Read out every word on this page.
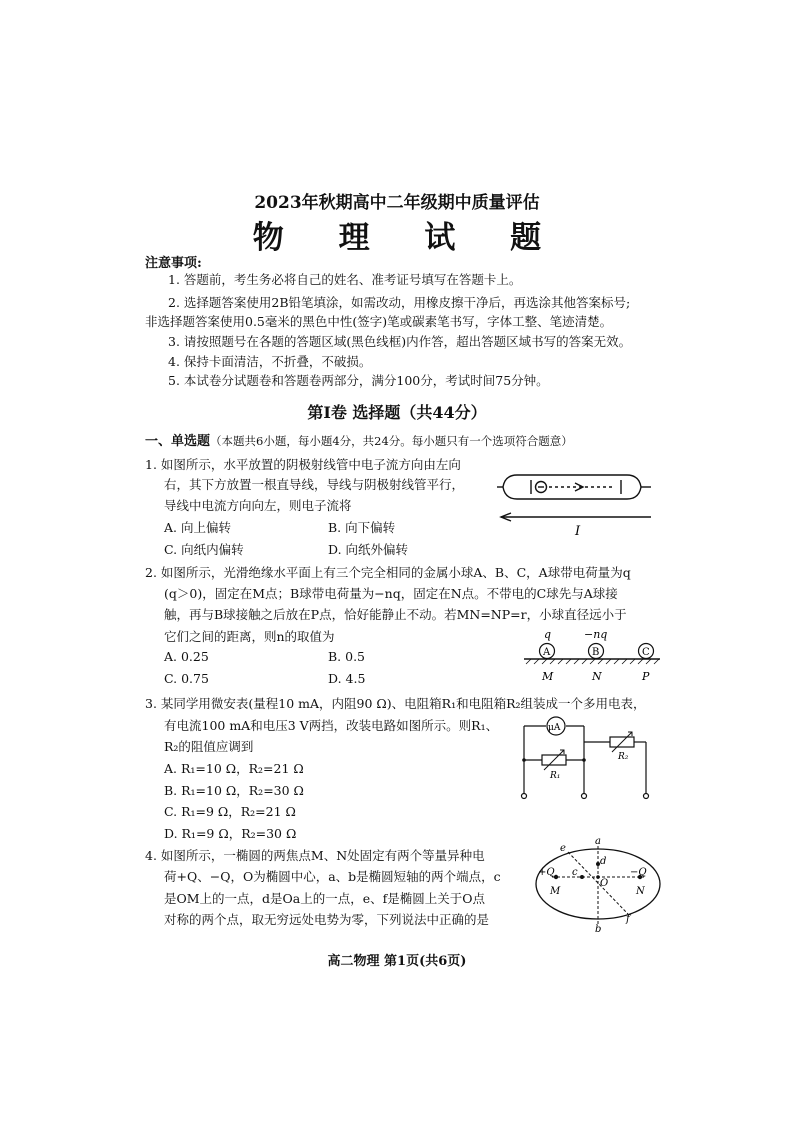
2023年秋期高中二年级期中质量评估
物 理 试 题
注意事项:
1. 答题前，考生务必将自己的姓名、准考证号填写在答题卡上。
2. 选择题答案使用2B铅笔填涂，如需改动，用橡皮擦干净后，再选涂其他答案标号;
非选择题答案使用0.5毫米的黑色中性(签字)笔或碳素笔书写，字体工整、笔迹清楚。
3. 请按照题号在各题的答题区域(黑色线框)内作答，超出答题区域书写的答案无效。
4. 保持卡面清洁，不折叠，不破损。
5. 本试卷分试题卷和答题卷两部分，满分100分，考试时间75分钟。
第Ⅰ卷 选择题（共44分）
一、单选题（本题共6小题，每小题4分，共24分。每小题只有一个选项符合题意）
1. 如图所示，水平放置的阴极射线管中电子流方向由左向
右，其下方放置一根直导线，导线与阴极射线管平行，
导线中电流方向向左，则电子流将
A. 向上偏转	B. 向下偏转
C. 向纸内偏转	D. 向纸外偏转
I
2. 如图所示，光滑绝缘水平面上有三个完全相同的金属小球A、B、C，A球带电荷量为q
(q＞0)，固定在M点；B球带电荷量为−nq，固定在N点。不带电的C球先与A球接
触，再与B球接触之后放在P点，恰好能静止不动。若MN=NP=r，小球直径远小于
它们之间的距离，则n的取值为
A. 0.25	B. 0.5
C. 0.75	D. 4.5
q	−nq
A	B	C
M	N	P
3. 某同学用微安表(量程10 mA，内阻90 Ω)、电阻箱R₁和电阻箱R₂组装成一个多用电表，
有电流100 mA和电压3 V两挡，改装电路如图所示。则R₁、
R₂的阻值应调到
A. R₁=10 Ω，R₂=21 Ω
B. R₁=10 Ω，R₂=30 Ω
C. R₁=9 Ω，R₂=21 Ω
D. R₁=9 Ω，R₂=30 Ω
μA
R₁
R₂
4. 如图所示，一椭圆的两焦点M、N处固定有两个等量异种电
荷+Q、−Q，O为椭圆中心，a、b是椭圆短轴的两个端点，c
是OM上的一点，d是Oa上的一点，e、f是椭圆上关于O点
对称的两个点，取无穷远处电势为零，下列说法中正确的是
a
b
c
d
e
f
O
M	N
+Q	−Q
高二物理 第1页(共6页)
